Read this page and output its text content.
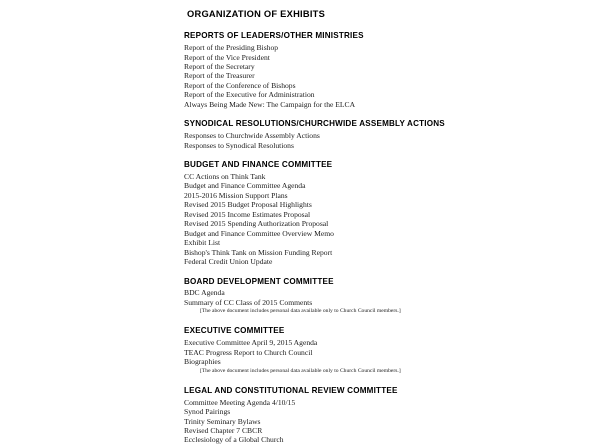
ORGANIZATION OF EXHIBITS
REPORTS OF LEADERS/OTHER MINISTRIES
Report of the Presiding Bishop
Report of the Vice President
Report of the Secretary
Report of the Treasurer
Report of the Conference of Bishops
Report of the Executive for Administration
Always Being Made New: The Campaign for the ELCA
SYNODICAL RESOLUTIONS/CHURCHWIDE ASSEMBLY ACTIONS
Responses to Churchwide Assembly Actions
Responses to Synodical Resolutions
BUDGET AND FINANCE COMMITTEE
CC Actions on Think Tank
Budget and Finance Committee Agenda
2015-2016 Mission Support Plans
Revised 2015 Budget Proposal Highlights
Revised 2015 Income Estimates Proposal
Revised 2015 Spending Authorization Proposal
Budget and Finance Committee Overview Memo
Exhibit List
Bishop's Think Tank on Mission Funding Report
Federal Credit Union Update
BOARD DEVELOPMENT COMMITTEE
BDC Agenda
Summary of CC Class of 2015 Comments
[The above document includes personal data available only to Church Council members.]
EXECUTIVE COMMITTEE
Executive Committee April 9, 2015 Agenda
TEAC Progress Report to Church Council
Biographies
[The above document includes personal data available only to Church Council members.]
LEGAL AND CONSTITUTIONAL REVIEW COMMITTEE
Committee Meeting Agenda 4/10/15
Synod Pairings
Trinity Seminary Bylaws
Revised Chapter 7 CBCR
Ecclesiology of a Global Church
